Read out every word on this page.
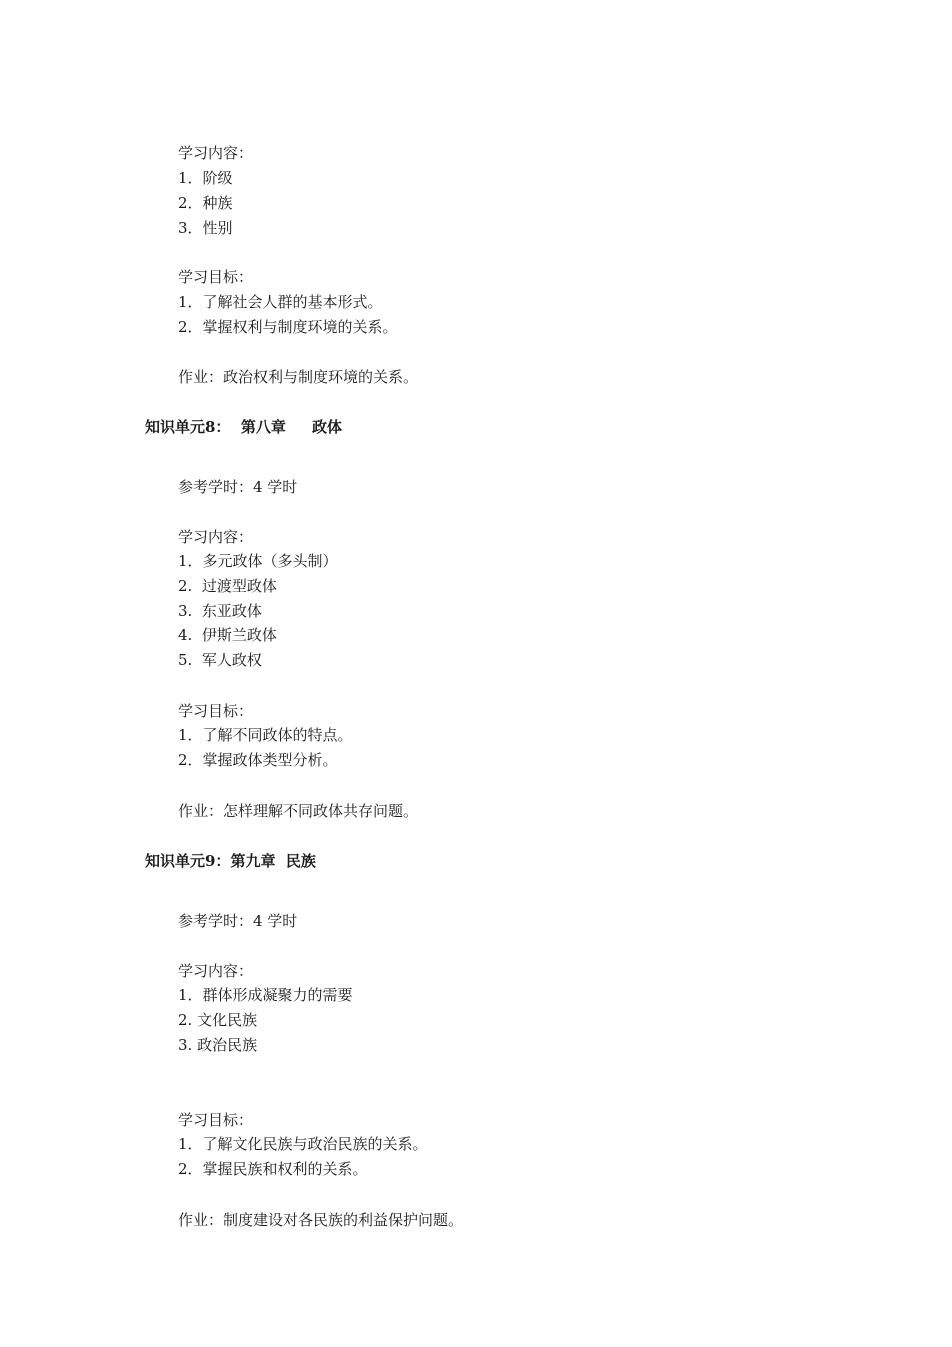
学习内容：
1．阶级
2．种族
3．性别
学习目标：
1．了解社会人群的基本形式。
2．掌握权利与制度环境的关系。
作业：政治权利与制度环境的关系。
知识单元8：  第八章     政体
参考学时：4 学时
学习内容：
1．多元政体（多头制）
2.  过渡型政体
3.  东亚政体
4.  伊斯兰政体
5.  军人政权
学习目标：
1．了解不同政体的特点。
2．掌握政体类型分析。
作业：怎样理解不同政体共存问题。
知识单元9：第九章  民族
参考学时：4 学时
学习内容：
1．群体形成凝聚力的需要
2. 文化民族
3. 政治民族
学习目标：
1．了解文化民族与政治民族的关系。
2．掌握民族和权利的关系。
作业：制度建设对各民族的利益保护问题。
